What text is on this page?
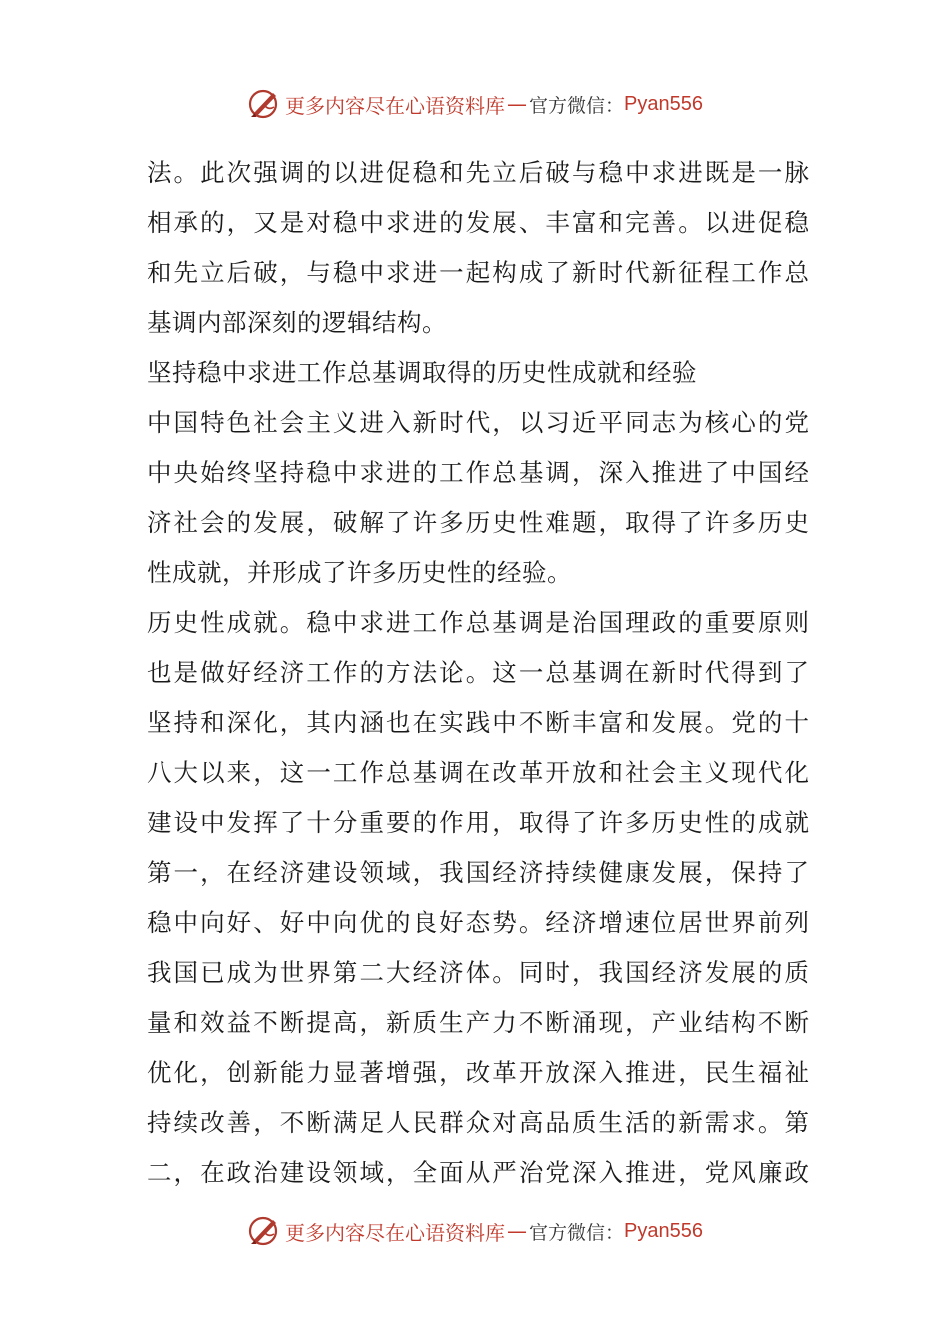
更多内容尽在心语资料库 — 官方微信： Pyan556
法。此次强调的以进促稳和先立后破与稳中求进既是一脉
相承的，又是对稳中求进的发展、丰富和完善。以进促稳
和先立后破，与稳中求进一起构成了新时代新征程工作总
基调内部深刻的逻辑结构。
坚持稳中求进工作总基调取得的历史性成就和经验
中国特色社会主义进入新时代，以习近平同志为核心的党
中央始终坚持稳中求进的工作总基调，深入推进了中国经
济社会的发展，破解了许多历史性难题，取得了许多历史
性成就，并形成了许多历史性的经验。
历史性成就。稳中求进工作总基调是治国理政的重要原则
也是做好经济工作的方法论。这一总基调在新时代得到了
坚持和深化，其内涵也在实践中不断丰富和发展。党的十
八大以来，这一工作总基调在改革开放和社会主义现代化
建设中发挥了十分重要的作用，取得了许多历史性的成就
第一，在经济建设领域，我国经济持续健康发展，保持了
稳中向好、好中向优的良好态势。经济增速位居世界前列
我国已成为世界第二大经济体。同时，我国经济发展的质
量和效益不断提高，新质生产力不断涌现，产业结构不断
优化，创新能力显著增强，改革开放深入推进，民生福祉
持续改善，不断满足人民群众对高品质生活的新需求。第
二，在政治建设领域，全面从严治党深入推进，党风廉政
更多内容尽在心语资料库 — 官方微信： Pyan556
